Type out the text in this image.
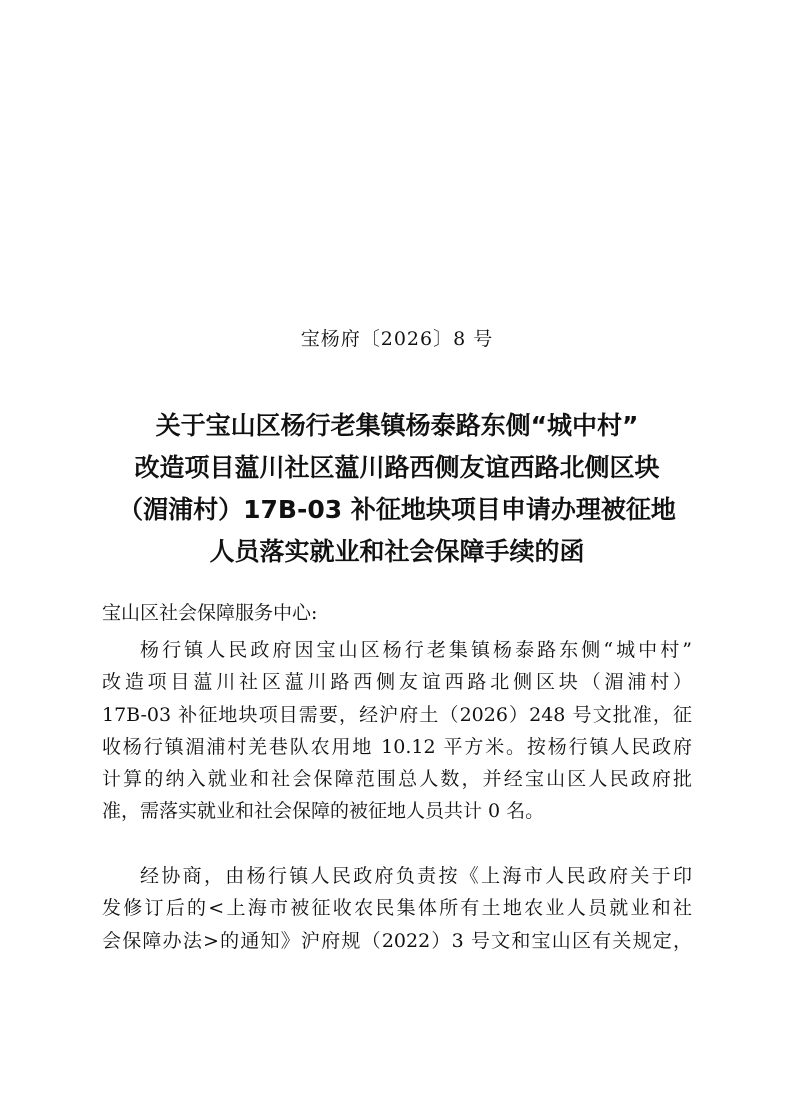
宝杨府〔2026〕8 号
关于宝山区杨行老集镇杨泰路东侧“城中村”
改造项目蕰川社区蕰川路西侧友谊西路北侧区块
（湄浦村）17B-03 补征地块项目申请办理被征地
人员落实就业和社会保障手续的函
宝山区社会保障服务中心:
杨行镇人民政府因宝山区杨行老集镇杨泰路东侧“城中村”
改造项目蕰川社区蕰川路西侧友谊西路北侧区块（湄浦村）
17B-03 补征地块项目需要，经沪府土（2026）248 号文批准，征
收杨行镇湄浦村羌巷队农用地 10.12 平方米。按杨行镇人民政府
计算的纳入就业和社会保障范围总人数，并经宝山区人民政府批
准，需落实就业和社会保障的被征地人员共计 0 名。
经协商，由杨行镇人民政府负责按《上海市人民政府关于印
发修订后的<上海市被征收农民集体所有土地农业人员就业和社
会保障办法>的通知》沪府规（2022）3 号文和宝山区有关规定，
